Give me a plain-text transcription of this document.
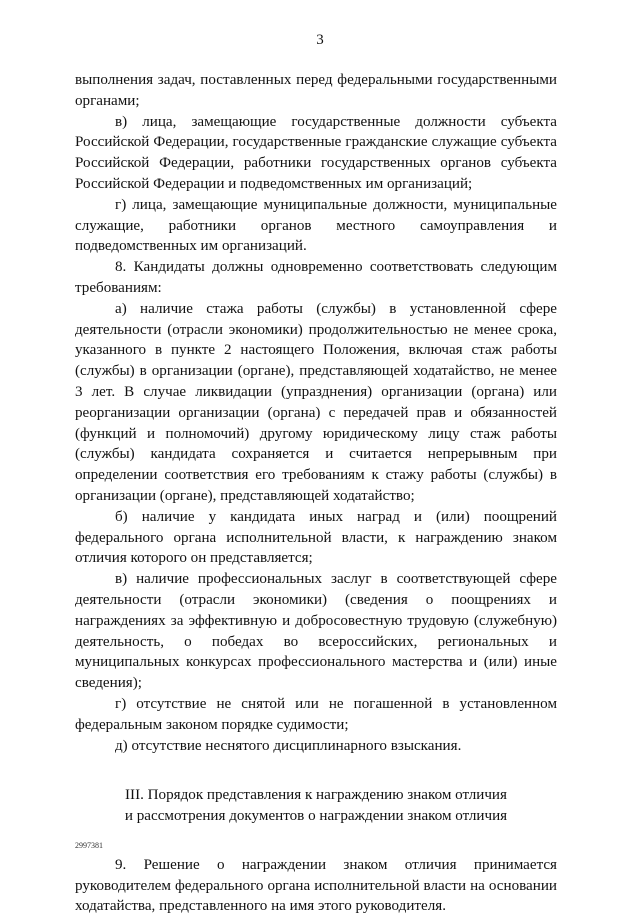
3

выполнения задач, поставленных перед федеральными государственными органами;

в) лица, замещающие государственные должности субъекта Российской Федерации, государственные гражданские служащие субъекта Российской Федерации, работники государственных органов субъекта Российской Федерации и подведомственных им организаций;

г) лица, замещающие муниципальные должности, муниципальные служащие, работники органов местного самоуправления и подведомственных им организаций.

8. Кандидаты должны одновременно соответствовать следующим требованиям:

а) наличие стажа работы (службы) в установленной сфере деятельности (отрасли экономики) продолжительностью не менее срока, указанного в пункте 2 настоящего Положения, включая стаж работы (службы) в организации (органе), представляющей ходатайство, не менее 3 лет. В случае ликвидации (упразднения) организации (органа) или реорганизации организации (органа) с передачей прав и обязанностей (функций и полномочий) другому юридическому лицу стаж работы (службы) кандидата сохраняется и считается непрерывным при определении соответствия его требованиям к стажу работы (службы) в организации (органе), представляющей ходатайство;

б) наличие у кандидата иных наград и (или) поощрений федерального органа исполнительной власти, к награждению знаком отличия которого он представляется;

в) наличие профессиональных заслуг в соответствующей сфере деятельности (отрасли экономики) (сведения о поощрениях и награждениях за эффективную и добросовестную трудовую (служебную) деятельность, о победах во всероссийских, региональных и муниципальных конкурсах профессионального мастерства и (или) иные сведения);

г) отсутствие не снятой или не погашенной в установленном федеральным законом порядке судимости;

д) отсутствие неснятого дисциплинарного взыскания.

III. Порядок представления к награждению знаком отличия
и рассмотрения документов о награждении знаком отличия

9. Решение о награждении знаком отличия принимается руководителем федерального органа исполнительной власти на основании ходатайства, представленного на имя этого руководителя.

2997381
